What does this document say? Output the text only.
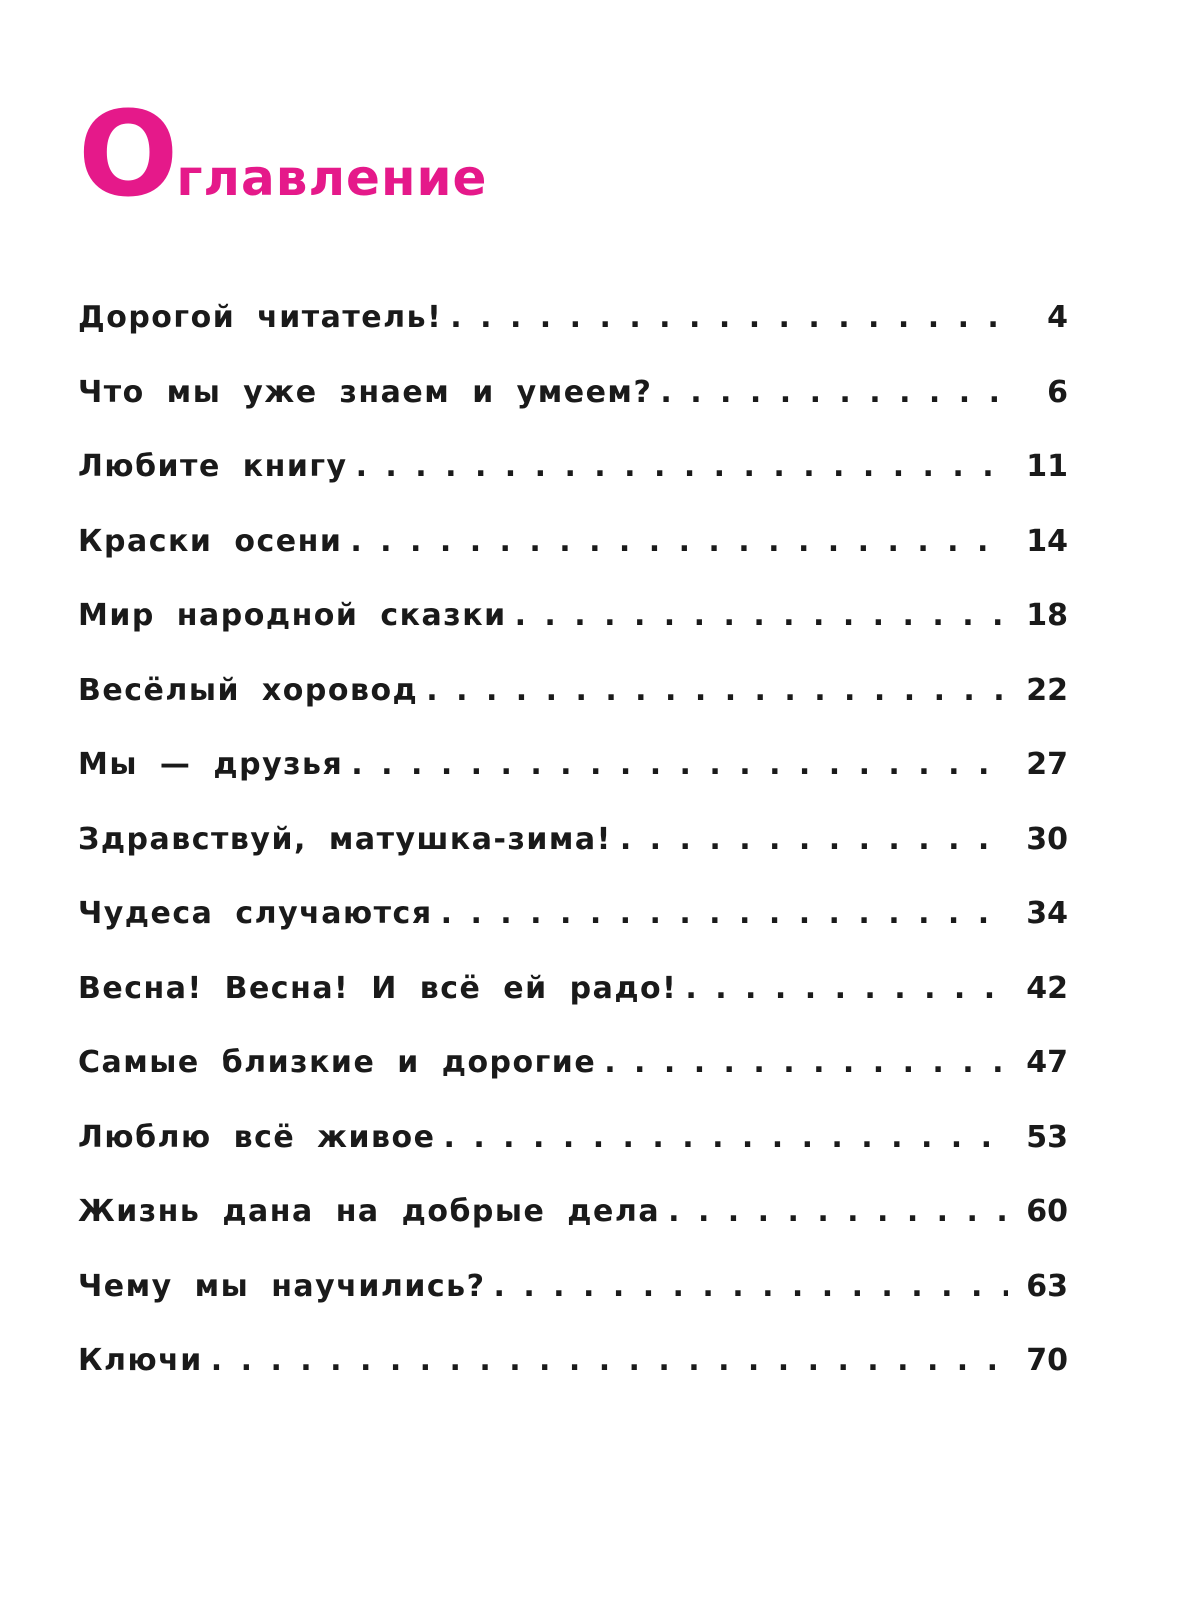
Оглавление
Дорогой читатель! . . .	4
Что мы уже знаем и умеем? . . .	6
Любите книгу . . .	11
Краски осени . . .	14
Мир народной сказки . . .	18
Весёлый хоровод . . .	22
Мы — друзья . . .	27
Здравствуй, матушка-зима! . . .	30
Чудеса случаются . . .	34
Весна! Весна! И всё ей радо! . . .	42
Самые близкие и дорогие . . .	47
Люблю всё живое . . .	53
Жизнь дана на добрые дела . . .	60
Чему мы научились? . . .	63
Ключи . . .	70
